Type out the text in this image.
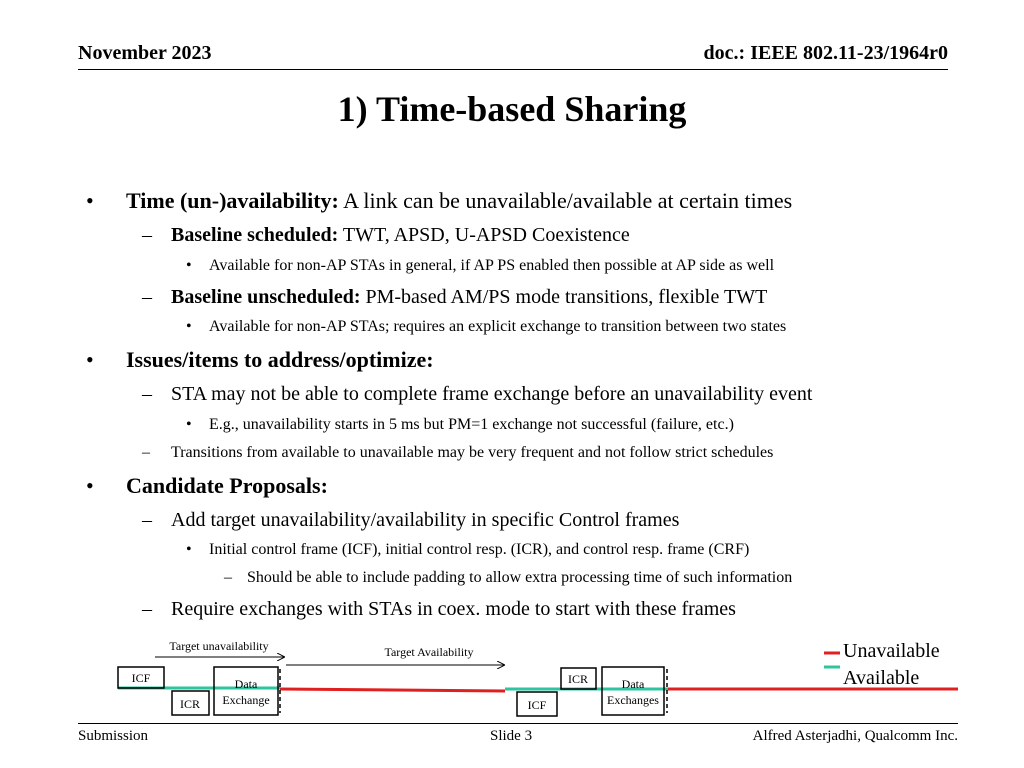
November 2023	doc.: IEEE 802.11-23/1964r0
1) Time-based Sharing
• Time (un-)availability: A link can be unavailable/available at certain times
– Baseline scheduled: TWT, APSD, U-APSD Coexistence
• Available for non-AP STAs in general, if AP PS enabled then possible at AP side as well
– Baseline unscheduled: PM-based AM/PS mode transitions, flexible TWT
• Available for non-AP STAs; requires an explicit exchange to transition between two states
• Issues/items to address/optimize:
– STA may not be able to complete frame exchange before an unavailability event
• E.g., unavailability starts in 5 ms but PM=1 exchange not successful (failure, etc.)
– Transitions from available to unavailable may be very frequent and not follow strict schedules
• Candidate Proposals:
– Add target unavailability/availability in specific Control frames
• Initial control frame (ICF), initial control resp. (ICR), and control resp. frame (CRF)
– Should be able to include padding to allow extra processing time of such information
– Require exchanges with STAs in coex. mode to start with these frames
Target unavailability	Target Availability
ICF
ICR
Data
Exchange	ICF
ICR	Data
Exchanges
Unavailable
Available
Submission	Slide 3	Alfred Asterjadhi, Qualcomm Inc.
